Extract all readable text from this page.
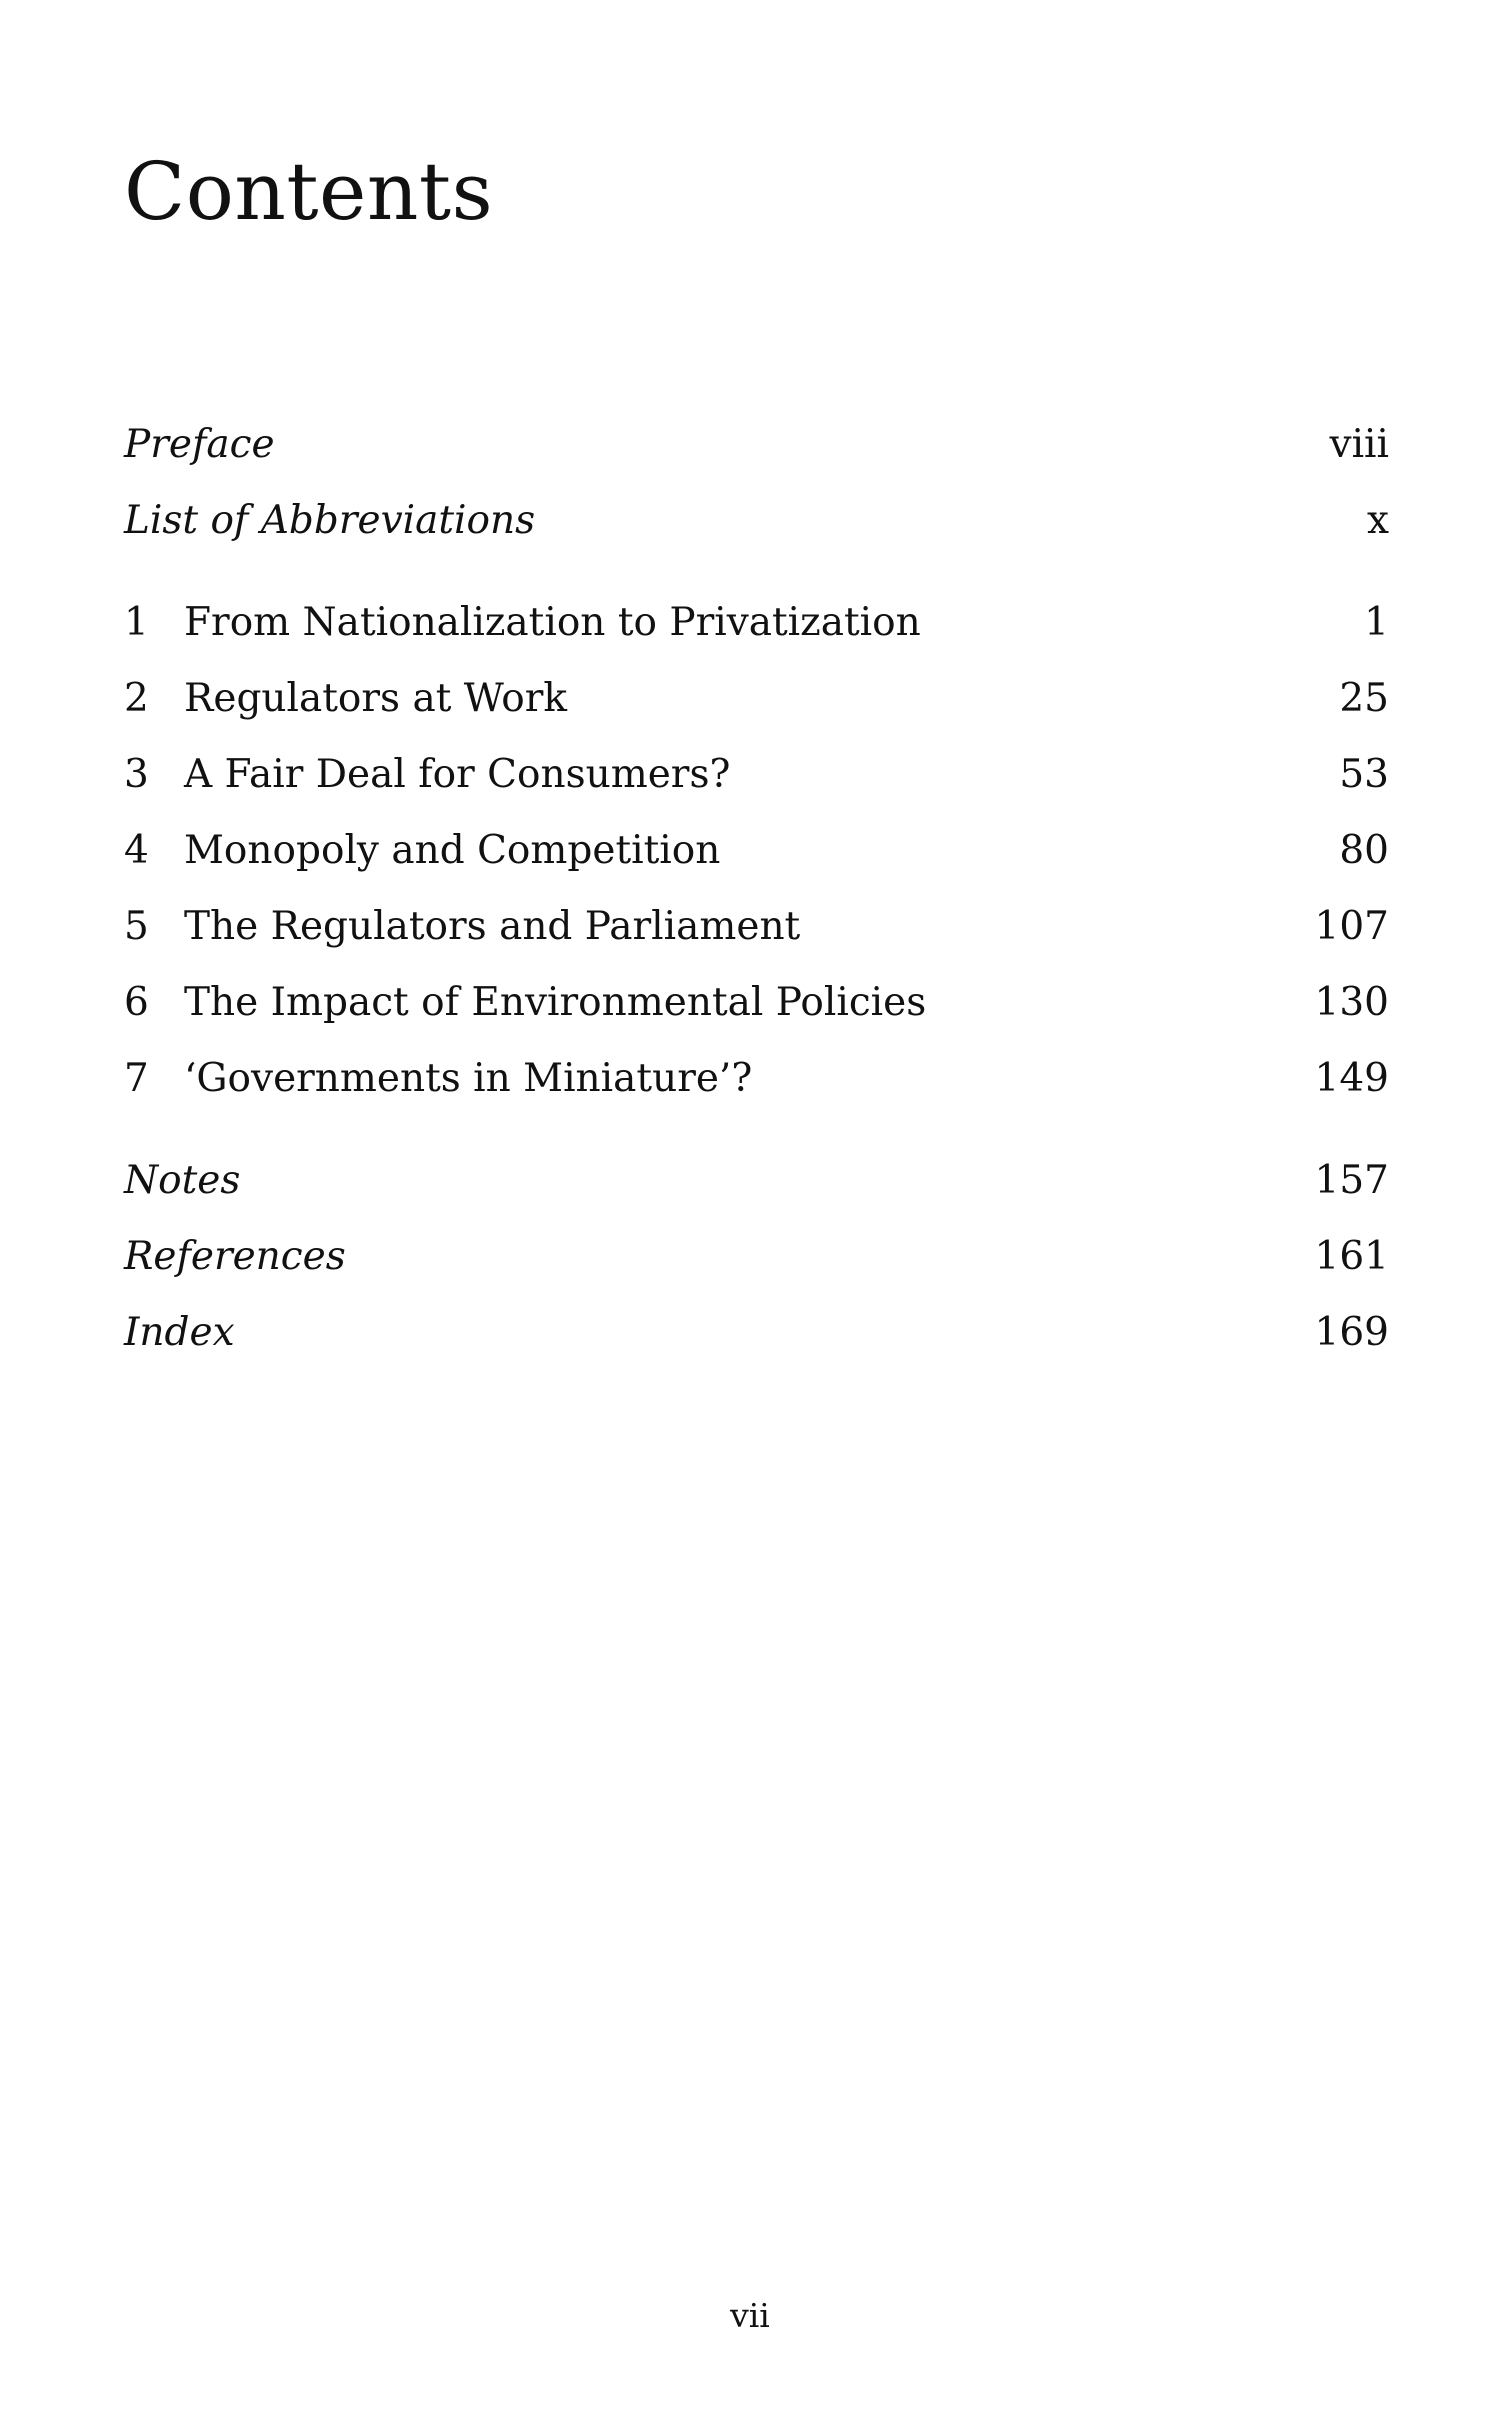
Contents
Preface	viii
List of Abbreviations	x
1 From Nationalization to Privatization	1
2 Regulators at Work	25
3 A Fair Deal for Consumers?	53
4 Monopoly and Competition	80
5 The Regulators and Parliament	107
6 The Impact of Environmental Policies	130
7 ‘Governments in Miniature’?	149
Notes	157
References	161
Index	169
vii
